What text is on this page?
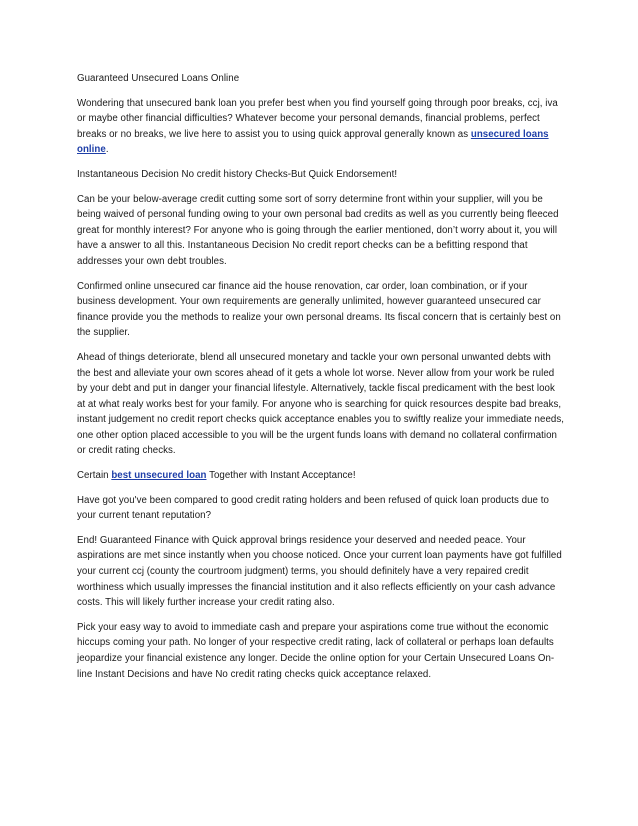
Guaranteed Unsecured Loans Online

Wondering that unsecured bank loan you prefer best when you find yourself going through poor breaks, ccj, iva or maybe other financial difficulties? Whatever become your personal demands, financial problems, perfect breaks or no breaks, we live here to assist you to using quick approval generally known as unsecured loans online.

Instantaneous Decision No credit history Checks-But Quick Endorsement!

Can be your below-average credit cutting some sort of sorry determine front within your supplier, will you be being waived of personal funding owing to your own personal bad credits as well as you currently being fleeced great for monthly interest? For anyone who is going through the earlier mentioned, don’t worry about it, you will have a answer to all this. Instantaneous Decision No credit report checks can be a befitting respond that addresses your own debt troubles.

Confirmed online unsecured car finance aid the house renovation, car order, loan combination, or if your business development. Your own requirements are generally unlimited, however guaranteed unsecured car finance provide you the methods to realize your own personal dreams. Its fiscal concern that is certainly best on the supplier.

Ahead of things deteriorate, blend all unsecured monetary and tackle your own personal unwanted debts with the best and alleviate your own scores ahead of it gets a whole lot worse. Never allow from your work be ruled by your debt and put in danger your financial lifestyle. Alternatively, tackle fiscal predicament with the best look at at what realy works best for your family. For anyone who is searching for quick resources despite bad breaks, instant judgement no credit report checks quick acceptance enables you to swiftly realize your immediate needs, one other option placed accessible to you will be the urgent funds loans with demand no collateral confirmation or credit rating checks.

Certain best unsecured loan Together with Instant Acceptance!

Have got you've been compared to good credit rating holders and been refused of quick loan products due to your current tenant reputation?

End! Guaranteed Finance with Quick approval brings residence your deserved and needed peace. Your aspirations are met since instantly when you choose noticed. Once your current loan payments have got fulfilled your current ccj (county the courtroom judgment) terms, you should definitely have a very repaired credit worthiness which usually impresses the financial institution and it also reflects efficiently on your cash advance costs. This will likely further increase your credit rating also.

Pick your easy way to avoid to immediate cash and prepare your aspirations come true without the economic hiccups coming your path. No longer of your respective credit rating, lack of collateral or perhaps loan defaults jeopardize your financial existence any longer. Decide the online option for your Certain Unsecured Loans On-line Instant Decisions and have No credit rating checks quick acceptance relaxed.
